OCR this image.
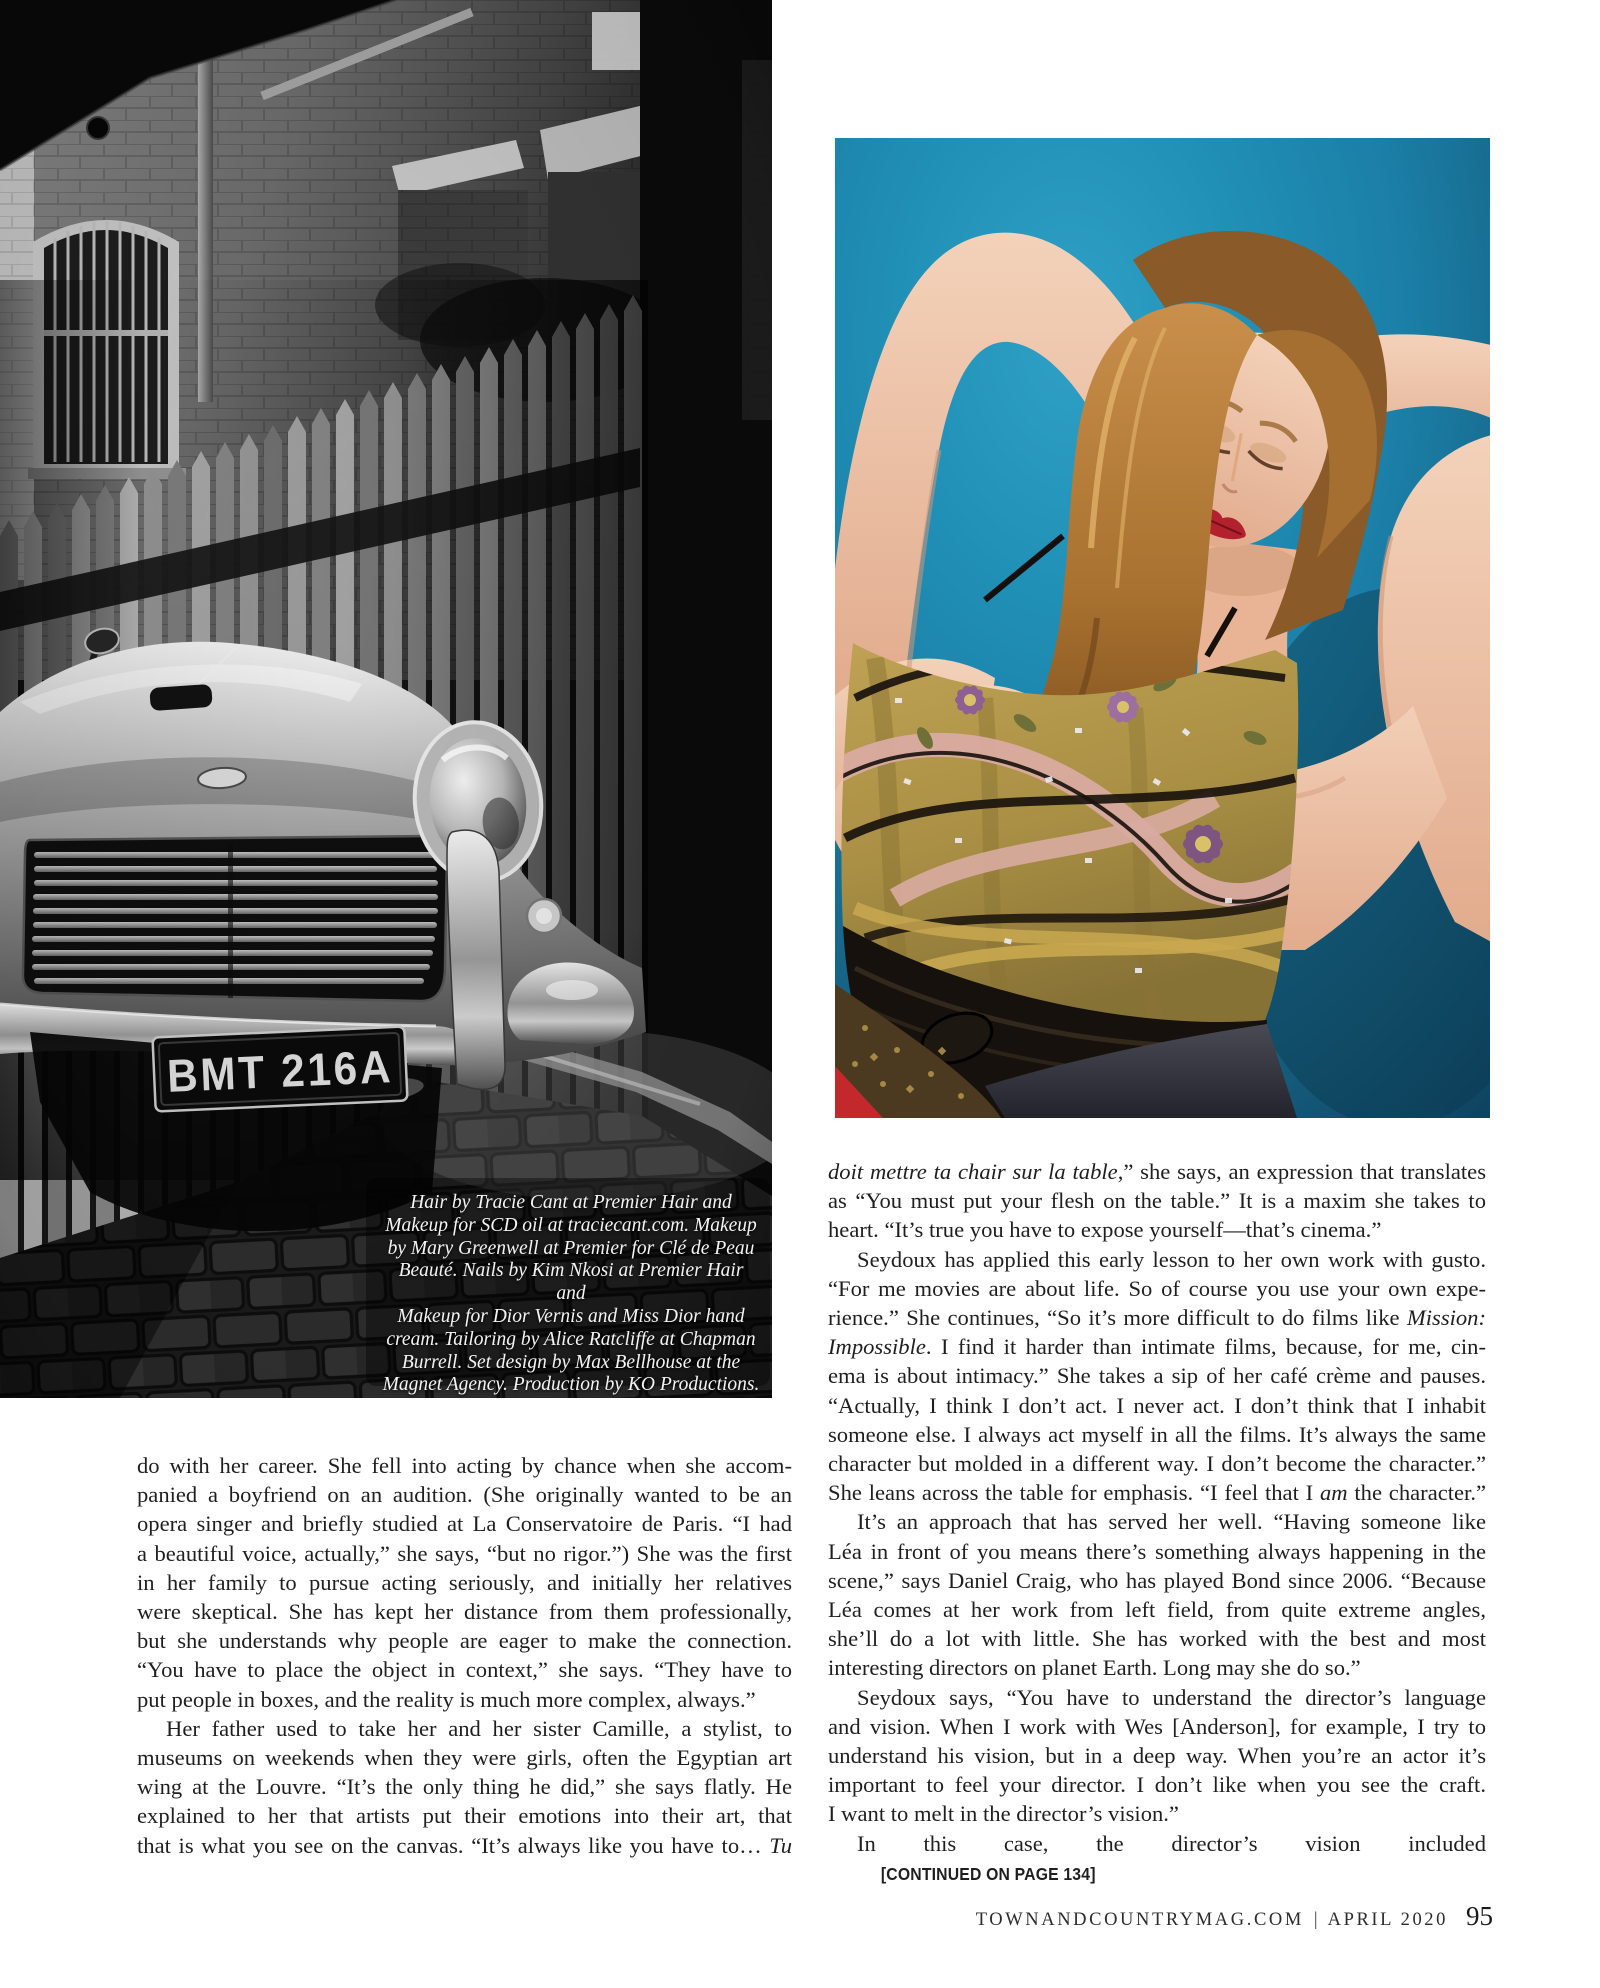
Hair by Tracie Cant at Premier Hair and
Makeup for SCD oil at traciecant.com. Makeup
by Mary Greenwell at Premier for Clé de Peau
Beauté. Nails by Kim Nkosi at Premier Hair and
Makeup for Dior Vernis and Miss Dior hand
cream. Tailoring by Alice Ratcliffe at Chapman
Burrell. Set design by Max Bellhouse at the
Magnet Agency. Production by KO Productions.
do with her career. She fell into acting by chance when she accom-
panied a boyfriend on an audition. (She originally wanted to be an
opera singer and briefly studied at La Conservatoire de Paris. “I had
a beautiful voice, actually,” she says, “but no rigor.”) She was the first
in her family to pursue acting seriously, and initially her relatives
were skeptical. She has kept her distance from them professionally,
but she understands why people are eager to make the connection.
“You have to place the object in context,” she says. “They have to
put people in boxes, and the reality is much more complex, always.”
Her father used to take her and her sister Camille, a stylist, to
museums on weekends when they were girls, often the Egyptian art
wing at the Louvre. “It’s the only thing he did,” she says flatly. He
explained to her that artists put their emotions into their art, that
that is what you see on the canvas. “It’s always like you have to… Tu
doit mettre ta chair sur la table,” she says, an expression that translates
as “You must put your flesh on the table.” It is a maxim she takes to
heart. “It’s true you have to expose yourself—that’s cinema.”
Seydoux has applied this early lesson to her own work with gusto.
“For me movies are about life. So of course you use your own expe-
rience.” She continues, “So it’s more difficult to do films like Mission:
Impossible. I find it harder than intimate films, because, for me, cin-
ema is about intimacy.” She takes a sip of her café crème and pauses.
“Actually, I think I don’t act. I never act. I don’t think that I inhabit
someone else. I always act myself in all the films. It’s always the same
character but molded in a different way. I don’t become the character.”
She leans across the table for emphasis. “I feel that I am the character.”
It’s an approach that has served her well. “Having someone like
Léa in front of you means there’s something always happening in the
scene,” says Daniel Craig, who has played Bond since 2006. “Because
Léa comes at her work from left field, from quite extreme angles,
she’ll do a lot with little. She has worked with the best and most
interesting directors on planet Earth. Long may she do so.”
Seydoux says, “You have to understand the director’s language
and vision. When I work with Wes [Anderson], for example, I try to
understand his vision, but in a deep way. When you’re an actor it’s
important to feel your director. I don’t like when you see the craft.
I want to melt in the director’s vision.”
In this case, the director’s vision included [CONTINUED ON PAGE 134]
TOWNANDCOUNTRYMAG.COM | APRIL 2020 95
